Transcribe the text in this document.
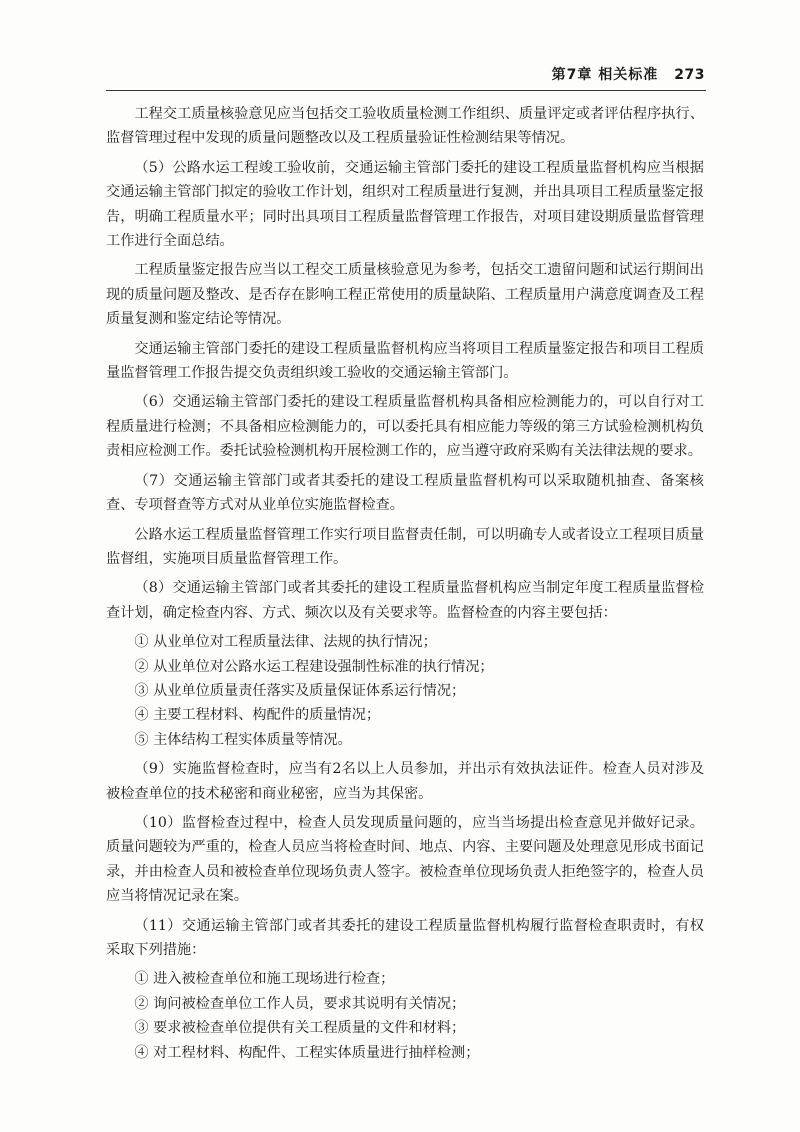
第7章 相关标准 273

工程交工质量核验意见应当包括交工验收质量检测工作组织、质量评定或者评估程序执行、监督管理过程中发现的质量问题整改以及工程质量验证性检测结果等情况。

（5）公路水运工程竣工验收前，交通运输主管部门委托的建设工程质量监督机构应当根据交通运输主管部门拟定的验收工作计划，组织对工程质量进行复测，并出具项目工程质量鉴定报告，明确工程质量水平；同时出具项目工程质量监督管理工作报告，对项目建设期质量监督管理工作进行全面总结。

工程质量鉴定报告应当以工程交工质量核验意见为参考，包括交工遗留问题和试运行期间出现的质量问题及整改、是否存在影响工程正常使用的质量缺陷、工程质量用户满意度调查及工程质量复测和鉴定结论等情况。

交通运输主管部门委托的建设工程质量监督机构应当将项目工程质量鉴定报告和项目工程质量监督管理工作报告提交负责组织竣工验收的交通运输主管部门。

（6）交通运输主管部门委托的建设工程质量监督机构具备相应检测能力的，可以自行对工程质量进行检测；不具备相应检测能力的，可以委托具有相应能力等级的第三方试验检测机构负责相应检测工作。委托试验检测机构开展检测工作的，应当遵守政府采购有关法律法规的要求。

（7）交通运输主管部门或者其委托的建设工程质量监督机构可以采取随机抽查、备案核查、专项督查等方式对从业单位实施监督检查。

公路水运工程质量监督管理工作实行项目监督责任制，可以明确专人或者设立工程项目质量监督组，实施项目质量监督管理工作。

（8）交通运输主管部门或者其委托的建设工程质量监督机构应当制定年度工程质量监督检查计划，确定检查内容、方式、频次以及有关要求等。监督检查的内容主要包括：

① 从业单位对工程质量法律、法规的执行情况；

② 从业单位对公路水运工程建设强制性标准的执行情况；

③ 从业单位质量责任落实及质量保证体系运行情况；

④ 主要工程材料、构配件的质量情况；

⑤ 主体结构工程实体质量等情况。

（9）实施监督检查时，应当有2名以上人员参加，并出示有效执法证件。检查人员对涉及被检查单位的技术秘密和商业秘密，应当为其保密。

（10）监督检查过程中，检查人员发现质量问题的，应当当场提出检查意见并做好记录。质量问题较为严重的，检查人员应当将检查时间、地点、内容、主要问题及处理意见形成书面记录，并由检查人员和被检查单位现场负责人签字。被检查单位现场负责人拒绝签字的，检查人员应当将情况记录在案。

（11）交通运输主管部门或者其委托的建设工程质量监督机构履行监督检查职责时，有权采取下列措施：

① 进入被检查单位和施工现场进行检查；

② 询问被检查单位工作人员，要求其说明有关情况；

③ 要求被检查单位提供有关工程质量的文件和材料；

④ 对工程材料、构配件、工程实体质量进行抽样检测；
